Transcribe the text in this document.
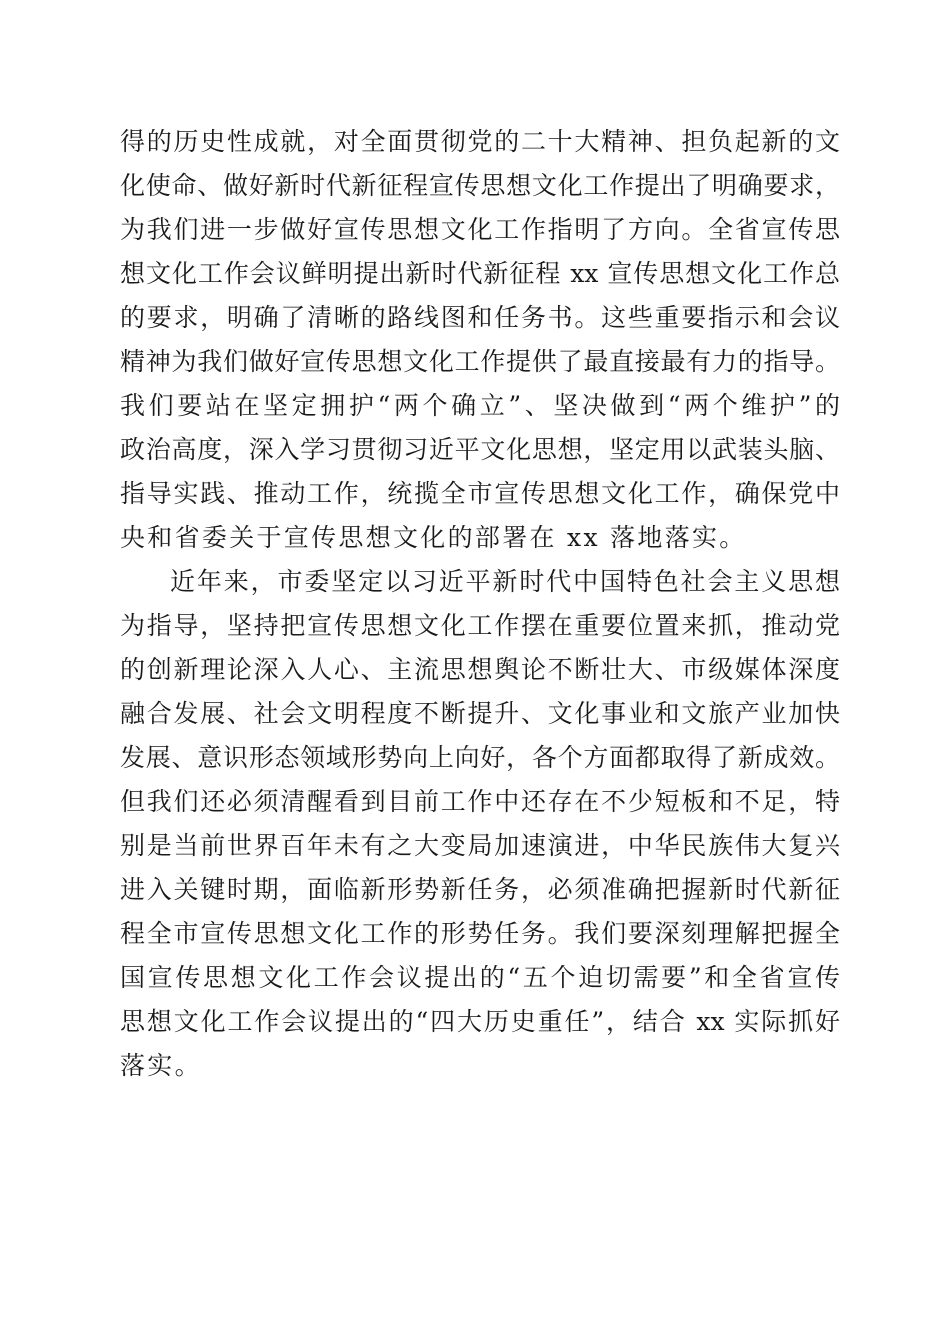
得的历史性成就，对全面贯彻党的二十大精神、担负起新的文
化使命、做好新时代新征程宣传思想文化工作提出了明确要求，
为我们进一步做好宣传思想文化工作指明了方向。全省宣传思
想文化工作会议鲜明提出新时代新征程 xx 宣传思想文化工作总
的要求，明确了清晰的路线图和任务书。这些重要指示和会议
精神为我们做好宣传思想文化工作提供了最直接最有力的指导。
我们要站在坚定拥护“两个确立”、坚决做到“两个维护”的
政治高度，深入学习贯彻习近平文化思想，坚定用以武装头脑、
指导实践、推动工作，统揽全市宣传思想文化工作，确保党中
央和省委关于宣传思想文化的部署在 xx 落地落实。
近年来，市委坚定以习近平新时代中国特色社会主义思想
为指导，坚持把宣传思想文化工作摆在重要位置来抓，推动党
的创新理论深入人心、主流思想舆论不断壮大、市级媒体深度
融合发展、社会文明程度不断提升、文化事业和文旅产业加快
发展、意识形态领域形势向上向好，各个方面都取得了新成效。
但我们还必须清醒看到目前工作中还存在不少短板和不足，特
别是当前世界百年未有之大变局加速演进，中华民族伟大复兴
进入关键时期，面临新形势新任务，必须准确把握新时代新征
程全市宣传思想文化工作的形势任务。我们要深刻理解把握全
国宣传思想文化工作会议提出的“五个迫切需要”和全省宣传
思想文化工作会议提出的“四大历史重任”，结合 xx 实际抓好
落实。
